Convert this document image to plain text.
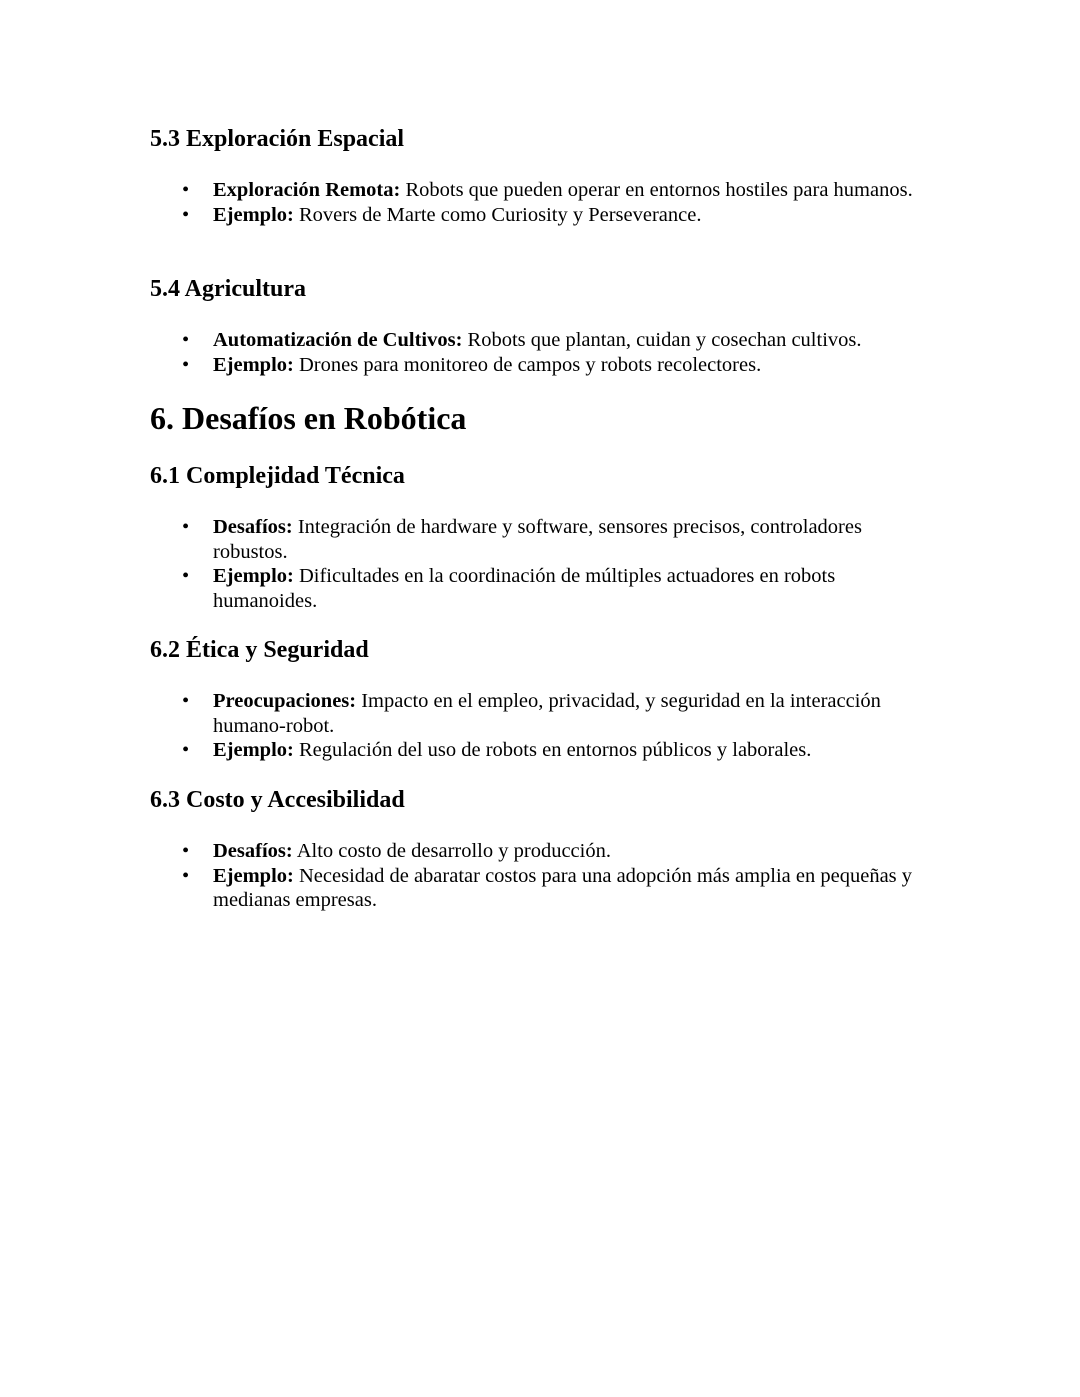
5.3 Exploración Espacial
• Exploración Remota: Robots que pueden operar en entornos hostiles para humanos.
• Ejemplo: Rovers de Marte como Curiosity y Perseverance.
5.4 Agricultura
• Automatización de Cultivos: Robots que plantan, cuidan y cosechan cultivos.
• Ejemplo: Drones para monitoreo de campos y robots recolectores.
6. Desafíos en Robótica
6.1 Complejidad Técnica
• Desafíos: Integración de hardware y software, sensores precisos, controladores robustos.
• Ejemplo: Dificultades en la coordinación de múltiples actuadores en robots humanoides.
6.2 Ética y Seguridad
• Preocupaciones: Impacto en el empleo, privacidad, y seguridad en la interacción humano-robot.
• Ejemplo: Regulación del uso de robots en entornos públicos y laborales.
6.3 Costo y Accesibilidad
• Desafíos: Alto costo de desarrollo y producción.
• Ejemplo: Necesidad de abaratar costos para una adopción más amplia en pequeñas y medianas empresas.
